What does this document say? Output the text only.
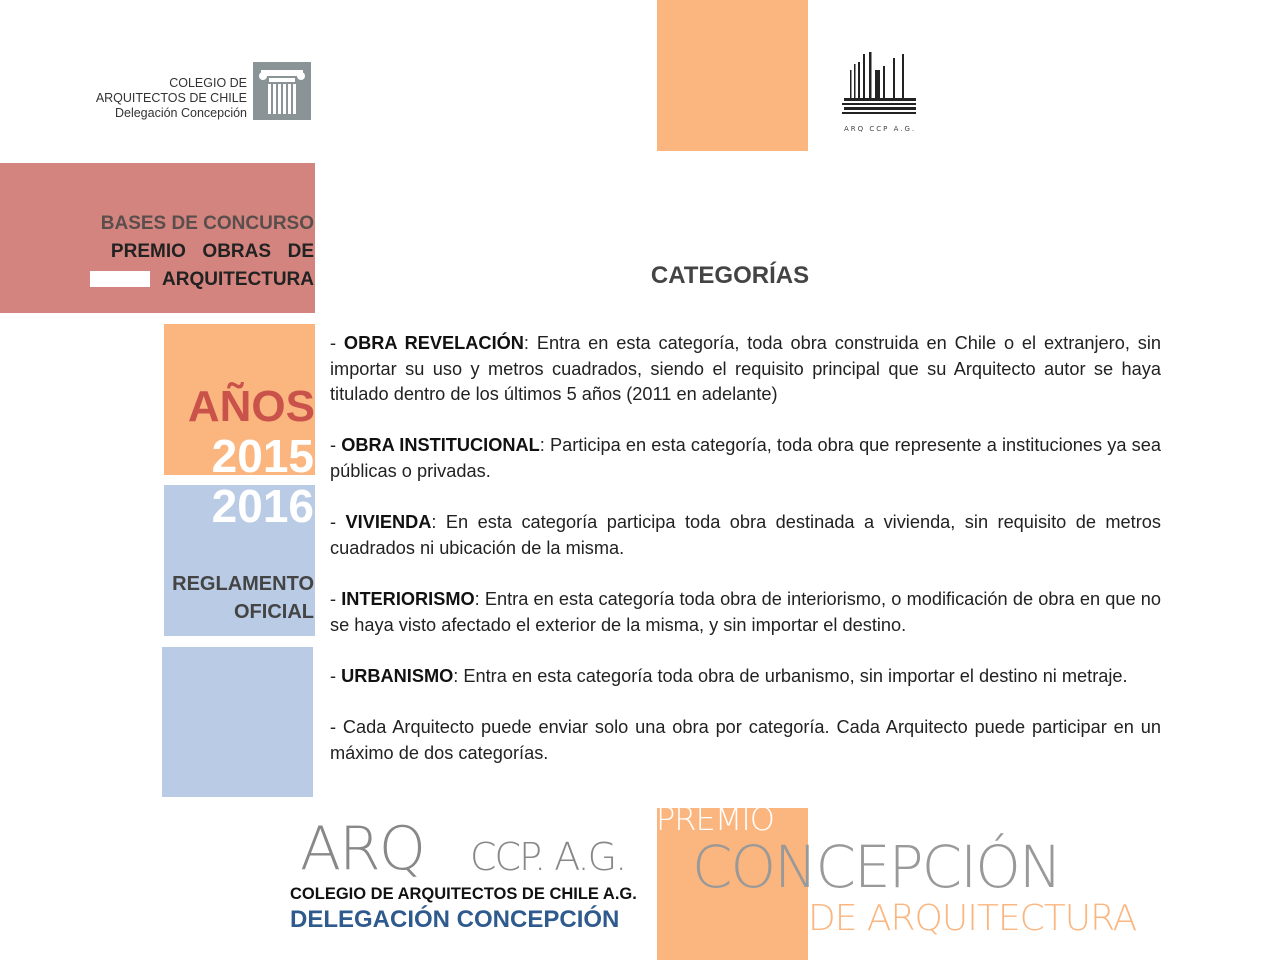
COLEGIO DE
ARQUITECTOS DE CHILE
Delegación Concepción
ARQ CCP A.G.
BASES DE CONCURSO
PREMIO  OBRAS  DE
ARQUITECTURA
AÑOS
2015
2016
REGLAMENTO
OFICIAL
CATEGORÍAS

- OBRA REVELACIÓN: Entra en esta categoría, toda obra construida en Chile o el extranjero, sin importar su uso y metros cuadrados, siendo el requisito principal que su Arquitecto autor se haya titulado dentro de los últimos 5 años (2011 en adelante)

- OBRA INSTITUCIONAL: Participa en esta categoría, toda obra que represente a instituciones ya sea públicas o privadas.

- VIVIENDA: En esta categoría participa toda obra destinada a vivienda, sin requisito de metros cuadrados ni ubicación de la misma.

- INTERIORISMO: Entra en esta categoría toda obra de interiorismo, o modificación de obra en que no se haya visto afectado el exterior de la misma, y sin importar el destino.

- URBANISMO: Entra en esta categoría toda obra de urbanismo, sin importar el destino ni metraje.

- Cada Arquitecto puede enviar solo una obra por categoría. Cada Arquitecto puede participar en un máximo de dos categorías.

ARQ CCP. A.G.
COLEGIO DE ARQUITECTOS DE CHILE A.G.
DELEGACIÓN CONCEPCIÓN
PREMIO
CONCEPCIÓN
DE ARQUITECTURA
